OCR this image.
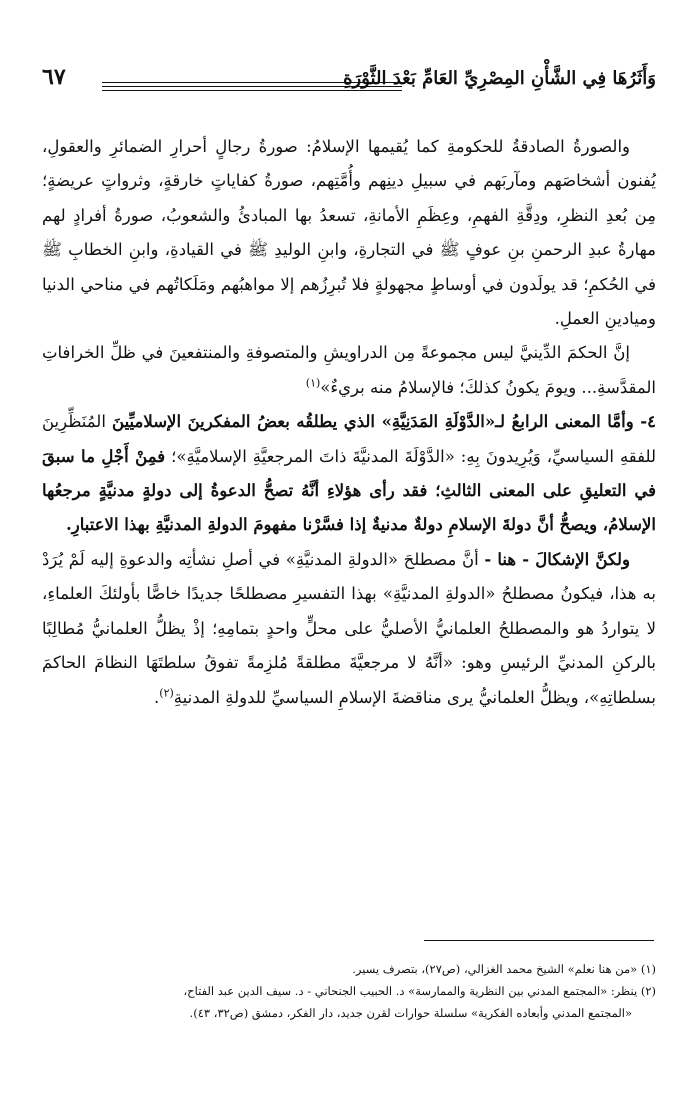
وَأَثَرُهَا فِي الشَّأْنِ المِصْرِيِّ العَامِّ بَعْدَ الثَّوْرَةِ
٦٧

والصورةُ الصادقةُ للحكومةِ كما يُقيمها الإسلامُ: صورةُ رجالٍ أحرارِ الضمائرِ والعقولِ، يُفنون أشخاصَهم ومآربَهم في سبيلِ دينِهم وأُمَّتِهم، صورةُ كفاياتٍ خارقةٍ، وثرواتٍ عريضةٍ؛ مِن بُعدِ النظرِ، ودِقَّةِ الفهمِ، وعِظَمِ الأمانةِ، تسعدُ بها المبادئُ والشعوبُ، صورةُ أفرادٍ لهم مهارةُ عبدِ الرحمنِ بنِ عوفٍ ﷺ في التجارةِ، وابنِ الوليدِ ﷺ في القيادةِ، وابنِ الخطابِ ﷺ في الحُكمِ؛ قد يولَدون في أوساطٍ مجهولةٍ فلا تُبرِزُهم إلا مواهبُهم ومَلَكاتُهم في مناحي الدنيا وميادينِ العملِ.

إنَّ الحكمَ الدِّينيَّ ليس مجموعةً مِن الدراويشِ والمتصوفةِ والمنتفعينَ في ظلِّ الخرافاتِ المقدَّسةِ... ويومَ يكونُ كذلكَ؛ فالإسلامُ منه بريءٌ»$^{(١)}$

٤- وأمَّا المعنى الرابعُ لـ«الدَّوْلَةِ المَدَنِيَّةِ» الذي يطلقُه بعضُ المفكرينَ الإسلاميِّينَ المُنَظِّرِينَ للفقهِ السياسيِّ، وَيُرِيدونَ بِهِ: «الدَّوْلَةَ المدنيَّةَ ذاتَ المرجعيَّةِ الإسلاميَّةِ»؛ فمِنْ أَجْلِ ما سبقَ في التعليقِ على المعنى الثالثِ؛ فقد رأى هؤلاءِ أنَّهُ تصحُّ الدعوةُ إلى دولةٍ مدنيَّةٍ مرجعُها الإسلامُ، ويصحُّ أنَّ دولةَ الإسلامِ دولةٌ مدنيةٌ إذا فسَّرْنا مفهومَ الدولةِ المدنيَّةِ بهذا الاعتبارِ.

ولكنَّ الإشكالَ - هنا - أنَّ مصطلحَ «الدولةِ المدنيَّةِ» في أصلِ نشأتِه والدعوةِ إليه لَمْ يُرَدْ به هذا، فيكونُ مصطلحُ «الدولةِ المدنيَّةِ» بهذا التفسيرِ مصطلحًا جديدًا خاصًّا بأولئكَ العلماءِ، لا يتواردُ هو والمصطلحُ العلمانيُّ الأصليُّ على محلٍّ واحدٍ بتمامِهِ؛ إذْ يظلُّ العلمانيُّ مُطالِبًا بالركنِ المدنيِّ الرئيسِ وهو: «أنَّهُ لا مرجعيَّةَ مطلقةً مُلزِمةً تفوقُ سلطتَهَا النظامَ الحاكمَ بسلطاتِهِ»، ويظلُّ العلمانيُّ يرى مناقضةَ الإسلامِ السياسيِّ للدولةِ المدنيةِ$^{(٢)}$.

(١) «من هنا نعلم» الشيخ محمد الغزالي، (ص٢٧)، بتصرف يسير.

(٢) ينظر: «المجتمع المدني بين النظرية والممارسة» د. الحبيب الجنحاني - د. سيف الدين عبد الفتاح،

«المجتمع المدني وأبعاده الفكرية» سلسلة حوارات لقرن جديد، دار الفكر، دمشق (ص٣٢، ٤٣).
